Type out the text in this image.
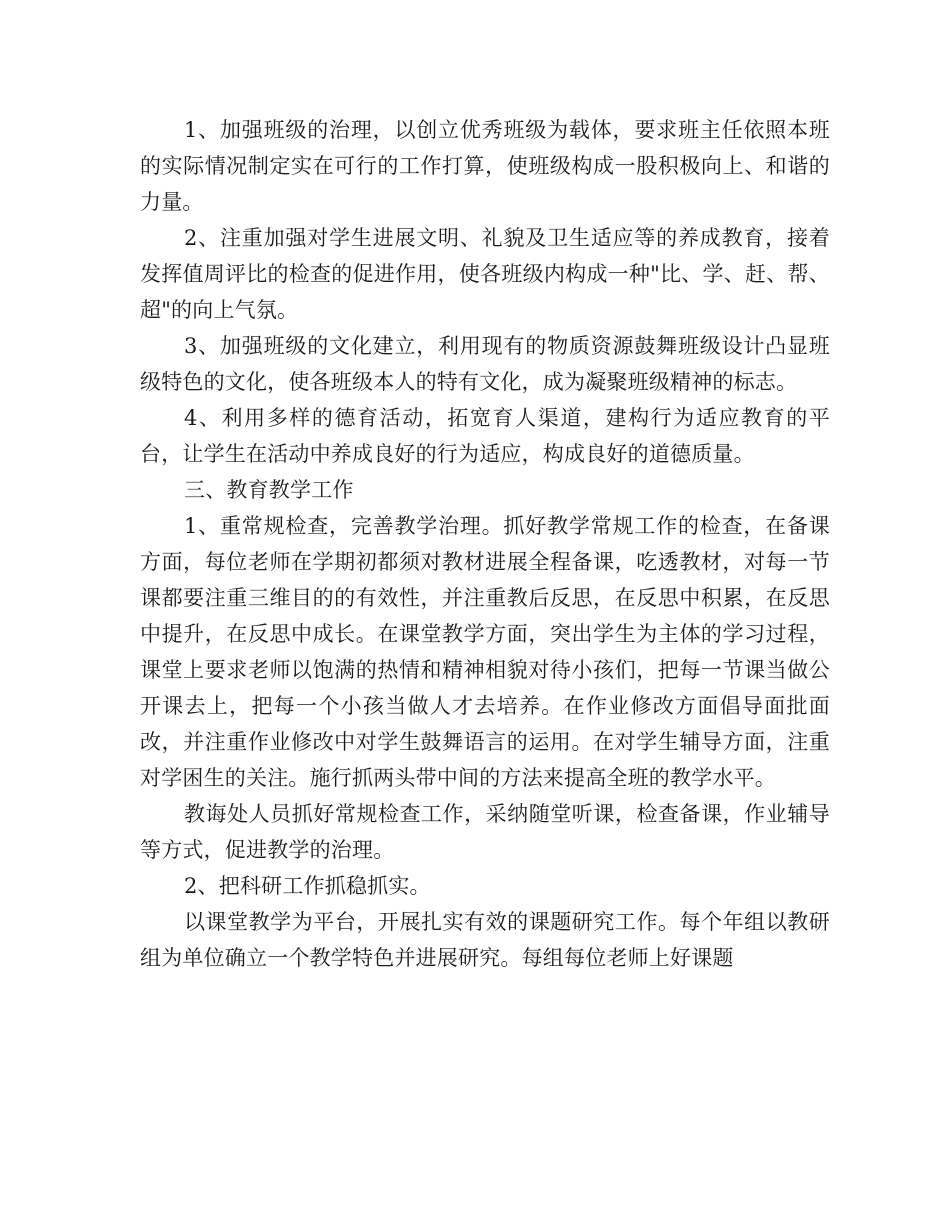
1、加强班级的治理，以创立优秀班级为载体，要求班主任依照本班的实际情况制定实在可行的工作打算，使班级构成一股积极向上、和谐的力量。

2、注重加强对学生进展文明、礼貌及卫生适应等的养成教育，接着发挥值周评比的检查的促进作用，使各班级内构成一种"比、学、赶、帮、超"的向上气氛。

3、加强班级的文化建立，利用现有的物质资源鼓舞班级设计凸显班级特色的文化，使各班级本人的特有文化，成为凝聚班级精神的标志。

4、利用多样的德育活动，拓宽育人渠道，建构行为适应教育的平台，让学生在活动中养成良好的行为适应，构成良好的道德质量。

三、教育教学工作

1、重常规检查，完善教学治理。抓好教学常规工作的检查，在备课方面，每位老师在学期初都须对教材进展全程备课，吃透教材，对每一节课都要注重三维目的的有效性，并注重教后反思，在反思中积累，在反思中提升，在反思中成长。在课堂教学方面，突出学生为主体的学习过程，课堂上要求老师以饱满的热情和精神相貌对待小孩们，把每一节课当做公开课去上，把每一个小孩当做人才去培养。在作业修改方面倡导面批面改，并注重作业修改中对学生鼓舞语言的运用。在对学生辅导方面，注重对学困生的关注。施行抓两头带中间的方法来提高全班的教学水平。

教诲处人员抓好常规检查工作，采纳随堂听课，检查备课，作业辅导等方式，促进教学的治理。

2、把科研工作抓稳抓实。

以课堂教学为平台，开展扎实有效的课题研究工作。每个年组以教研组为单位确立一个教学特色并进展研究。每组每位老师上好课题
